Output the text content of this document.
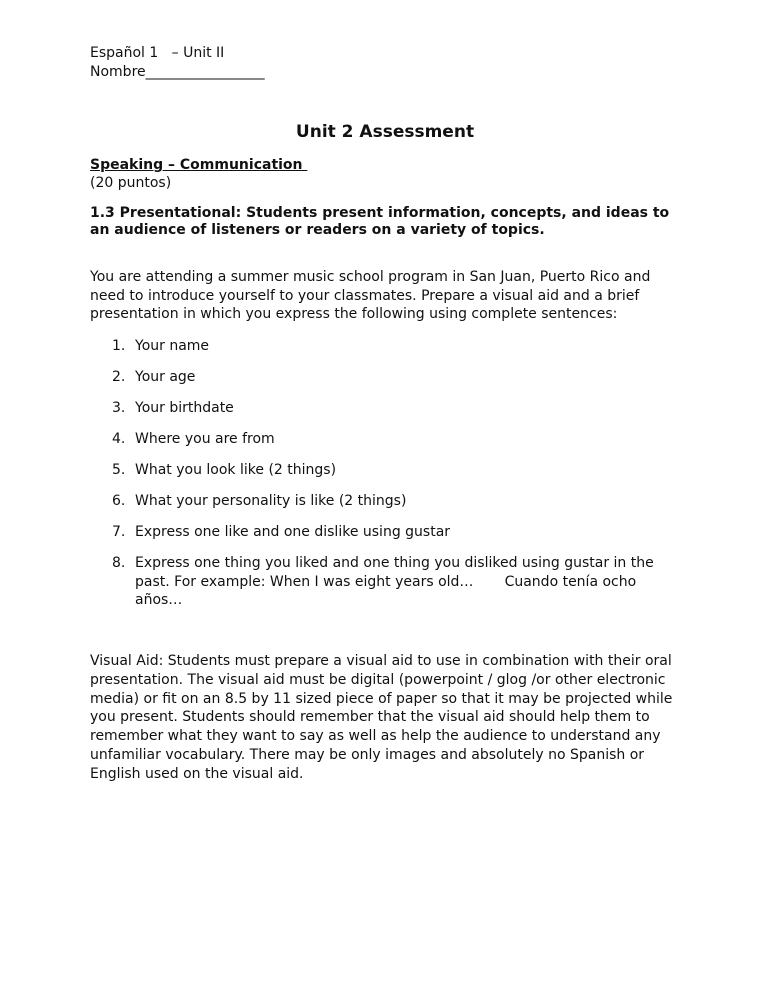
Español 1   – Unit II
Nombre_________________
Unit 2 Assessment
Speaking – Communication
(20 puntos)
1.3 Presentational: Students present information, concepts, and ideas to an audience of listeners or readers on a variety of topics.
You are attending a summer music school program in San Juan, Puerto Rico and need to introduce yourself to your classmates. Prepare a visual aid and a brief presentation in which you express the following using complete sentences:
1. Your name
2. Your age
3. Your birthdate
4. Where you are from
5. What you look like (2 things)
6. What your personality is like (2 things)
7. Express one like and one dislike using gustar
8. Express one thing you liked and one thing you disliked using gustar in the past. For example: When I was eight years old…       Cuando tenía ocho años…
Visual Aid: Students must prepare a visual aid to use in combination with their oral presentation. The visual aid must be digital (powerpoint / glog /or other electronic media) or fit on an 8.5 by 11 sized piece of paper so that it may be projected while you present. Students should remember that the visual aid should help them to remember what they want to say as well as help the audience to understand any unfamiliar vocabulary. There may be only images and absolutely no Spanish or English used on the visual aid.
